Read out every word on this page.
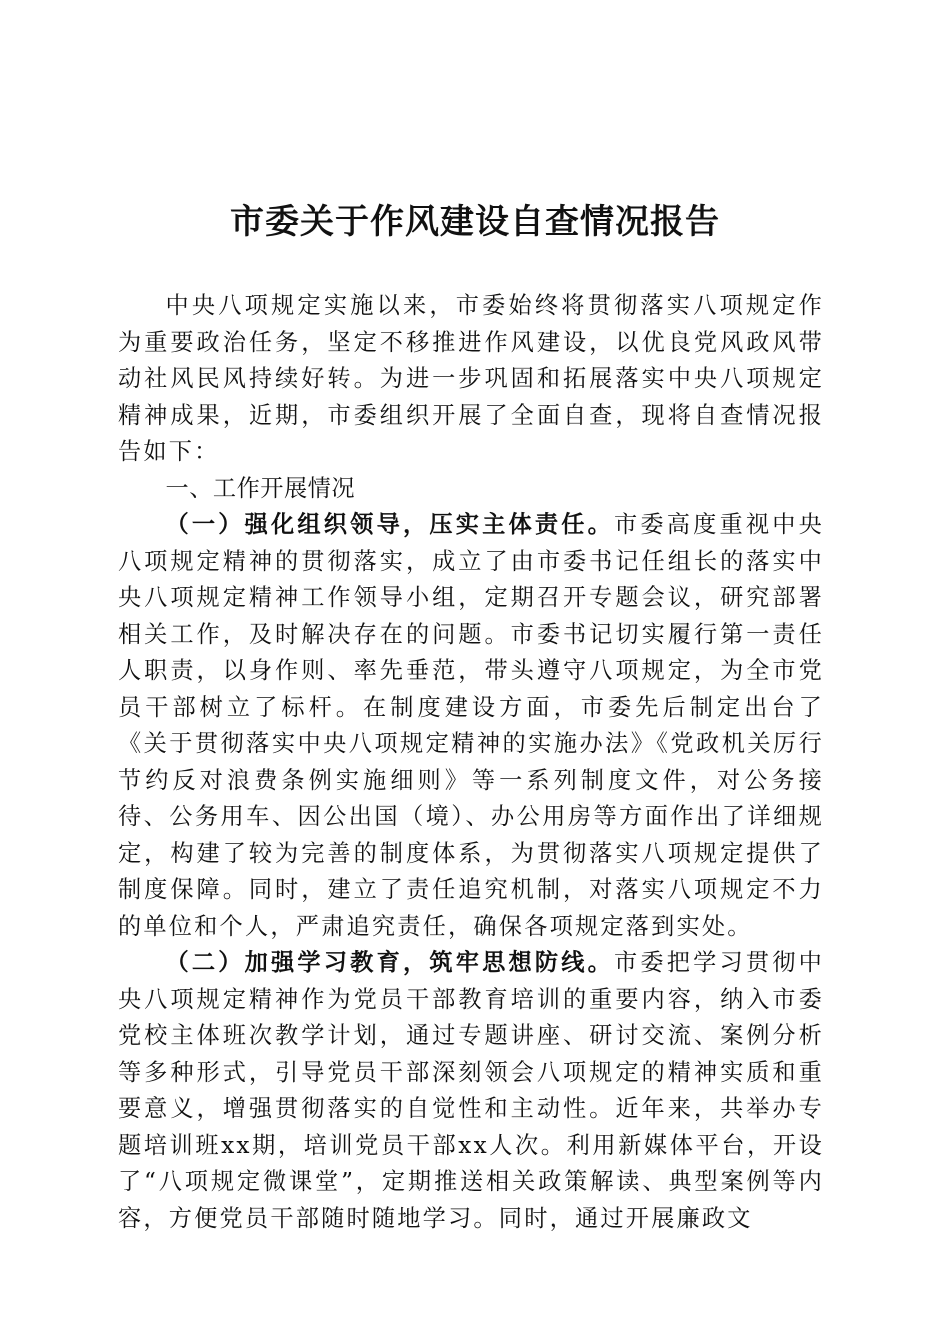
市委关于作风建设自查情况报告

中央八项规定实施以来，市委始终将贯彻落实八项规定作为重要政治任务，坚定不移推进作风建设，以优良党风政风带动社风民风持续好转。为进一步巩固和拓展落实中央八项规定精神成果，近期，市委组织开展了全面自查，现将自查情况报告如下：

一、工作开展情况

（一）强化组织领导，压实主体责任。市委高度重视中央八项规定精神的贯彻落实，成立了由市委书记任组长的落实中央八项规定精神工作领导小组，定期召开专题会议，研究部署相关工作，及时解决存在的问题。市委书记切实履行第一责任人职责，以身作则、率先垂范，带头遵守八项规定，为全市党员干部树立了标杆。在制度建设方面，市委先后制定出台了《关于贯彻落实中央八项规定精神的实施办法》《党政机关厉行节约反对浪费条例实施细则》等一系列制度文件，对公务接待、公务用车、因公出国（境）、办公用房等方面作出了详细规定，构建了较为完善的制度体系，为贯彻落实八项规定提供了制度保障。同时，建立了责任追究机制，对落实八项规定不力的单位和个人，严肃追究责任，确保各项规定落到实处。

（二）加强学习教育，筑牢思想防线。市委把学习贯彻中央八项规定精神作为党员干部教育培训的重要内容，纳入市委党校主体班次教学计划，通过专题讲座、研讨交流、案例分析等多种形式，引导党员干部深刻领会八项规定的精神实质和重要意义，增强贯彻落实的自觉性和主动性。近年来，共举办专题培训班xx期，培训党员干部xx人次。利用新媒体平台，开设了“八项规定微课堂”，定期推送相关政策解读、典型案例等内容，方便党员干部随时随地学习。同时，通过开展廉政文
